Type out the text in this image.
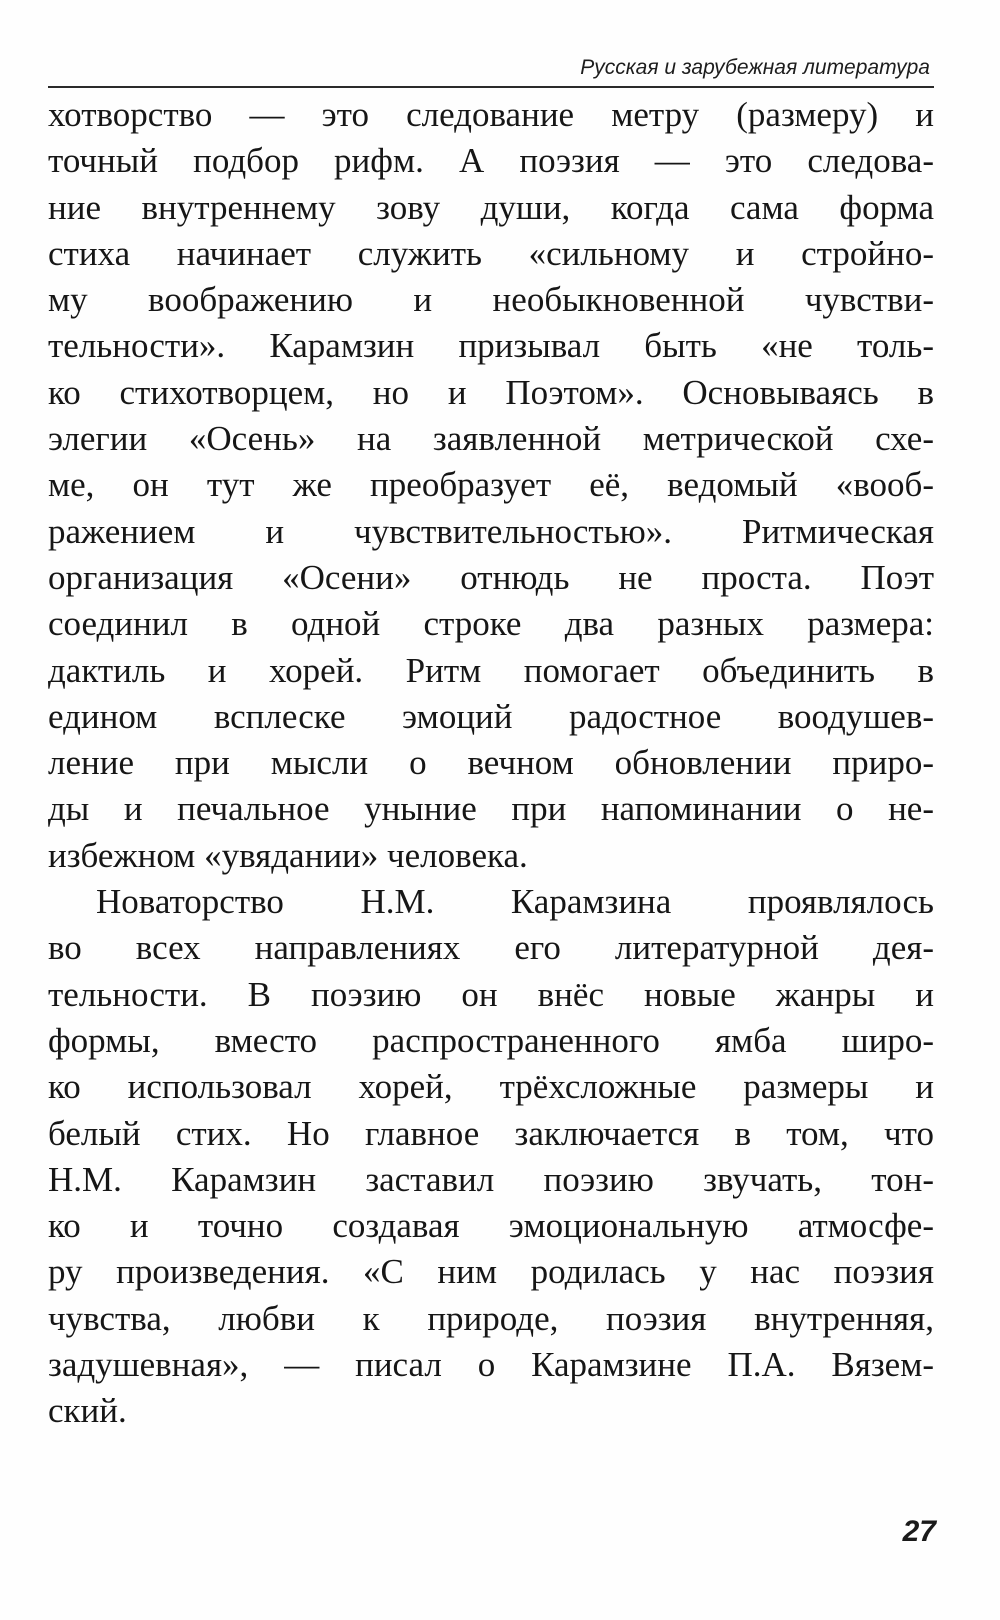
Русская и зарубежная литература
хотворство — это следование метру (размеру) и
точный подбор рифм. А поэзия — это следова-
ние внутреннему зову души, когда сама форма
стиха начинает служить «сильному и стройно-
му воображению и необыкновенной чувстви-
тельности». Карамзин призывал быть «не толь-
ко стихотворцем, но и Поэтом». Основываясь в
элегии «Осень» на заявленной метрической схе-
ме, он тут же преобразует её, ведомый «вооб-
ражением и чувствительностью». Ритмическая
организация «Осени» отнюдь не проста. Поэт
соединил в одной строке два разных размера:
дактиль и хорей. Ритм помогает объединить в
едином всплеске эмоций радостное воодушев-
ление при мысли о вечном обновлении приро-
ды и печальное уныние при напоминании о не-
избежном «увядании» человека.
Новаторство Н.М. Карамзина проявлялось
во всех направлениях его литературной дея-
тельности. В поэзию он внёс новые жанры и
формы, вместо распространенного ямба широ-
ко использовал хорей, трёхсложные размеры и
белый стих. Но главное заключается в том, что
Н.М. Карамзин заставил поэзию звучать, тон-
ко и точно создавая эмоциональную атмосфе-
ру произведения. «С ним родилась у нас поэзия
чувства, любви к природе, поэзия внутренняя,
задушевная», — писал о Карамзине П.А. Вязем-
ский.
27
